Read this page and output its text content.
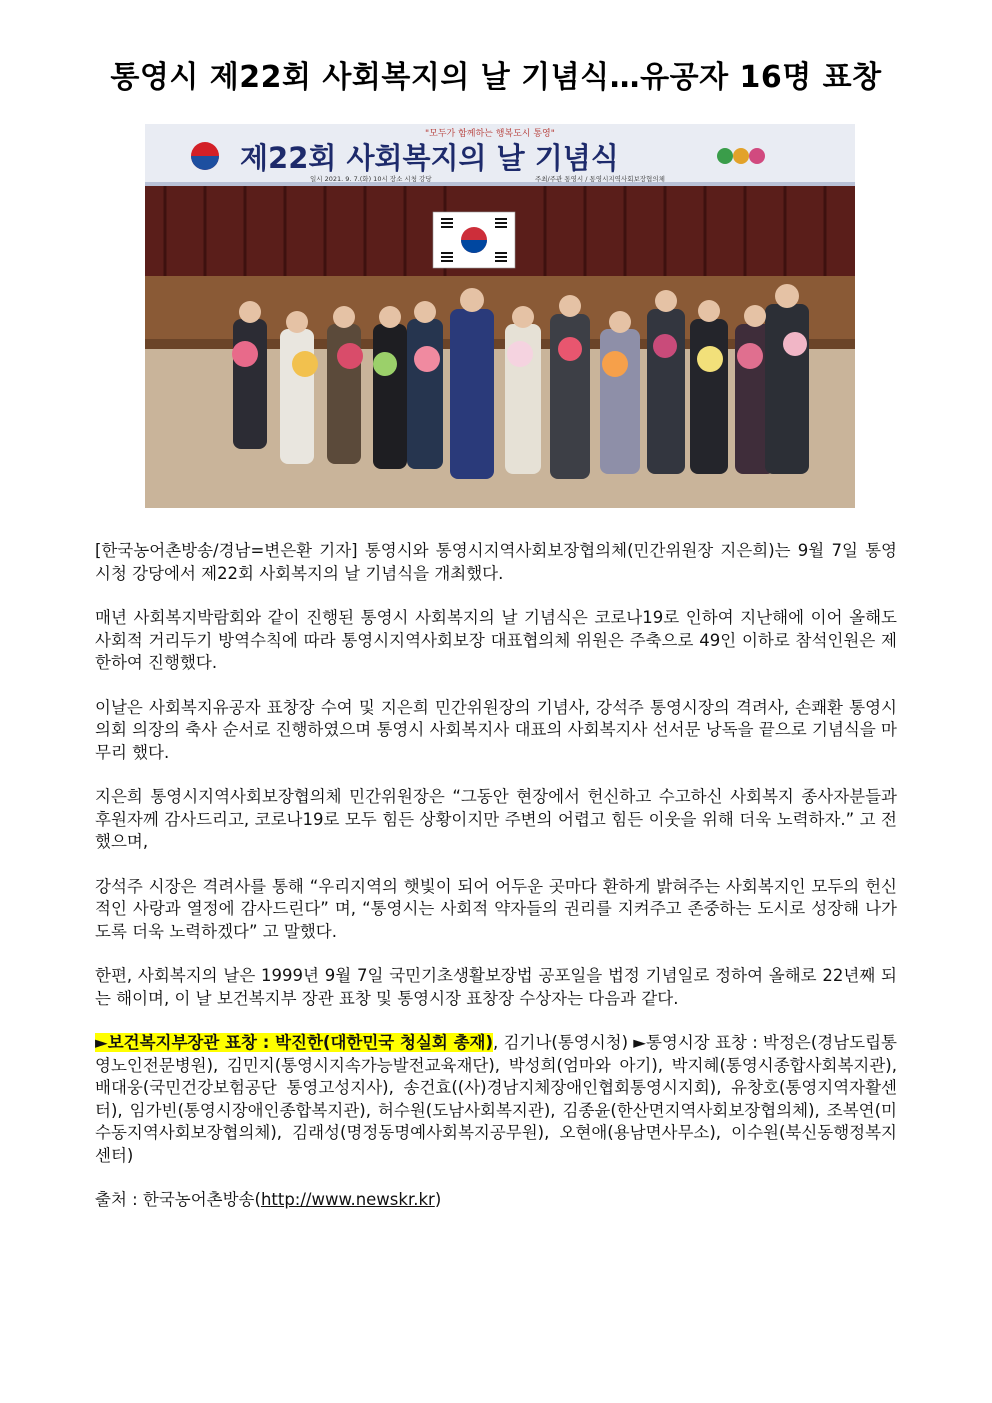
통영시 제22회 사회복지의 날 기념식…유공자 16명 표창
"모두가 함께하는 행복도시 통영"
제22회 사회복지의 날 기념식
일시 2021. 9. 7.(화) 10시 장소 시청 강당	주최/주관 통영시 / 통영시지역사회보장협의체

[한국농어촌방송/경남=변은환 기자] 통영시와 통영시지역사회보장협의체(민간위원장 지은희)는 9월 7일 통영시청 강당에서 제22회 사회복지의 날 기념식을 개최했다.

매년 사회복지박람회와 같이 진행된 통영시 사회복지의 날 기념식은 코로나19로 인하여 지난해에 이어 올해도 사회적 거리두기 방역수칙에 따라 통영시지역사회보장 대표협의체 위원은 주축으로 49인 이하로 참석인원은 제한하여 진행했다.

이날은 사회복지유공자 표창장 수여 및 지은희 민간위원장의 기념사, 강석주 통영시장의 격려사, 손쾌환 통영시의회 의장의 축사 순서로 진행하였으며 통영시 사회복지사 대표의 사회복지사 선서문 낭독을 끝으로 기념식을 마무리 했다.

지은희 통영시지역사회보장협의체 민간위원장은 “그동안 현장에서 헌신하고 수고하신 사회복지 종사자분들과 후원자께 감사드리고, 코로나19로 모두 힘든 상황이지만 주변의 어렵고 힘든 이웃을 위해 더욱 노력하자.” 고 전했으며,

강석주 시장은 격려사를 통해 “우리지역의 햇빛이 되어 어두운 곳마다 환하게 밝혀주는 사회복지인 모두의 헌신적인 사랑과 열정에 감사드린다” 며, “통영시는 사회적 약자들의 권리를 지켜주고 존중하는 도시로 성장해 나가도록 더욱 노력하겠다” 고 말했다.

한편, 사회복지의 날은 1999년 9월 7일 국민기초생활보장법 공포일을 법정 기념일로 정하여 올해로 22년째 되는 해이며, 이 날 보건복지부 장관 표창 및 통영시장 표창장 수상자는 다음과 같다.

►보건복지부장관 표창 : 박진한(대한민국 청실회 총재), 김기나(통영시청) ►통영시장 표창 : 박정은(경남도립통영노인전문병원), 김민지(통영시지속가능발전교육재단), 박성희(엄마와 아기), 박지혜(통영시종합사회복지관), 배대웅(국민건강보험공단 통영고성지사), 송건효((사)경남지체장애인협회통영시지회), 유창호(통영지역자활센터), 임가빈(통영시장애인종합복지관), 허수원(도남사회복지관), 김종윤(한산면지역사회보장협의체), 조복연(미수동지역사회보장협의체), 김래성(명정동명예사회복지공무원), 오현애(용남면사무소), 이수원(북신동행정복지센터)

출처 : 한국농어촌방송(http://www.newskr.kr)
